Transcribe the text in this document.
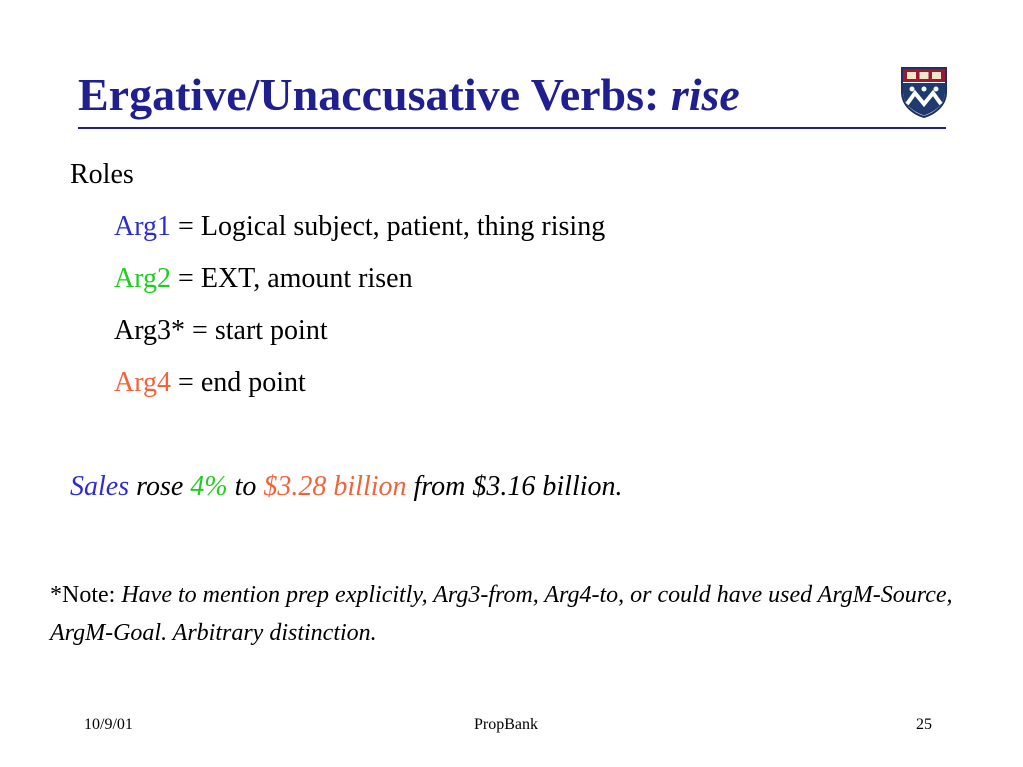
Ergative/Unaccusative Verbs: rise
Roles
Arg1 = Logical subject, patient, thing rising
Arg2 = EXT, amount risen
Arg3* = start point
Arg4 = end point
Sales rose 4% to $3.28 billion from $3.16 billion.
*Note: Have to mention prep explicitly, Arg3-from, Arg4-to, or could have used ArgM-Source, ArgM-Goal. Arbitrary distinction.
10/9/01	PropBank	25
